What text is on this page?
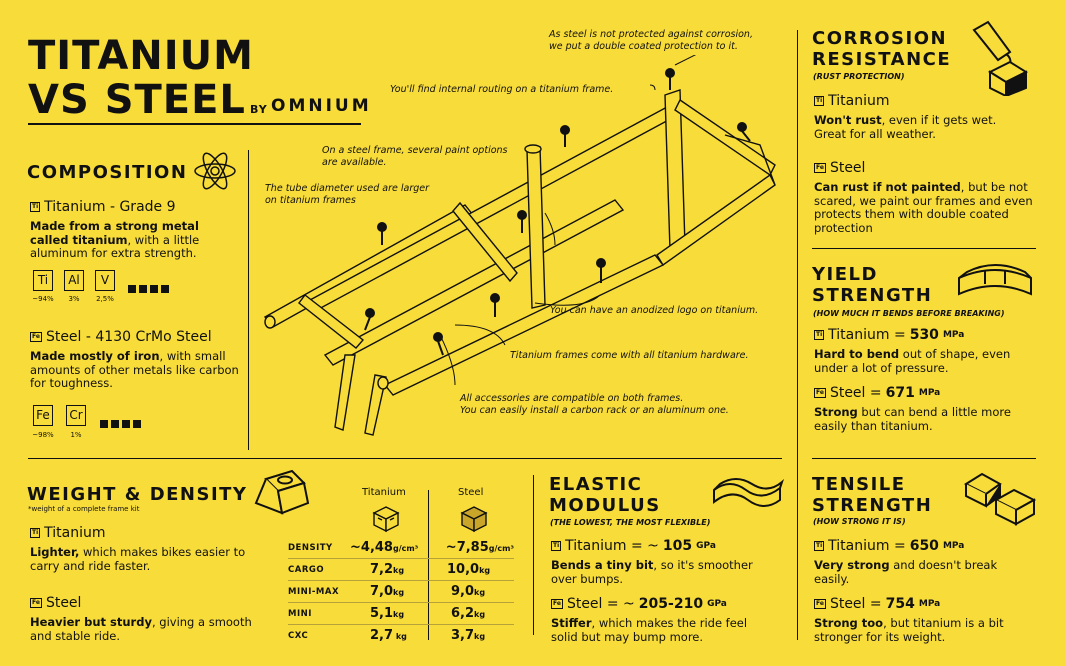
TITANIUM
VS STEEL BY OMNIUM
COMPOSITION
Ti Titanium - Grade 9
Made from a strong metal called titanium, with a little aluminum for extra strength.
Ti	Al	V
~94%	3%	2,5%
Fe Steel - 4130 CrMo Steel
Made mostly of iron, with small amounts of other metals like carbon for toughness.
Fe Cr
~98%	1%
As steel is not protected against corrosion,
we put a double coated protection to it.
You'll find internal routing on a titanium frame.
On a steel frame, several paint options
are available.
The tube diameter used are larger
on titanium frames
You can have an anodized logo on titanium.
Titanium frames come with all titanium hardware.
All accessories are compatible on both frames.
You can easily install a carbon rack or an aluminum one.
CORROSION
RESISTANCE
(RUST PROTECTION)
Ti Titanium
Won't rust, even if it gets wet. Great for all weather.
Fe Steel
Can rust if not painted, but be not scared, we paint our frames and even protects them with double coated protection
YIELD
STRENGTH
(HOW MUCH IT BENDS BEFORE BREAKING)
Ti Titanium = 530 MPa
Hard to bend out of shape, even under a lot of pressure.
Fe Steel = 671 MPa
Strong but can bend a little more easily than titanium.
WEIGHT & DENSITY
*weight of a complete frame kit
Ti Titanium
Lighter, which makes bikes easier to carry and ride faster.
Fe Steel
Heavier but sturdy, giving a smooth and stable ride.
Titanium	Steel
DENSITY	~4,48g/cm³	~7,85g/cm³
CARGO	7,2kg	10,0kg
MINI-MAX	7,0kg	9,0kg
MINI	5,1kg	6,2kg
CXC	2,7 kg	3,7kg
ELASTIC
MODULUS
(THE LOWEST, THE MOST FLEXIBLE)
Ti Titanium = ~ 105 GPa
Bends a tiny bit, so it's smoother over bumps.
Fe Steel = ~ 205-210 GPa
Stiffer, which makes the ride feel solid but may bump more.
TENSILE
STRENGTH
(HOW STRONG IT IS)
Ti Titanium = 650 MPa
Very strong and doesn't break easily.
Fe Steel = 754 MPa
Strong too, but titanium is a bit stronger for its weight.
